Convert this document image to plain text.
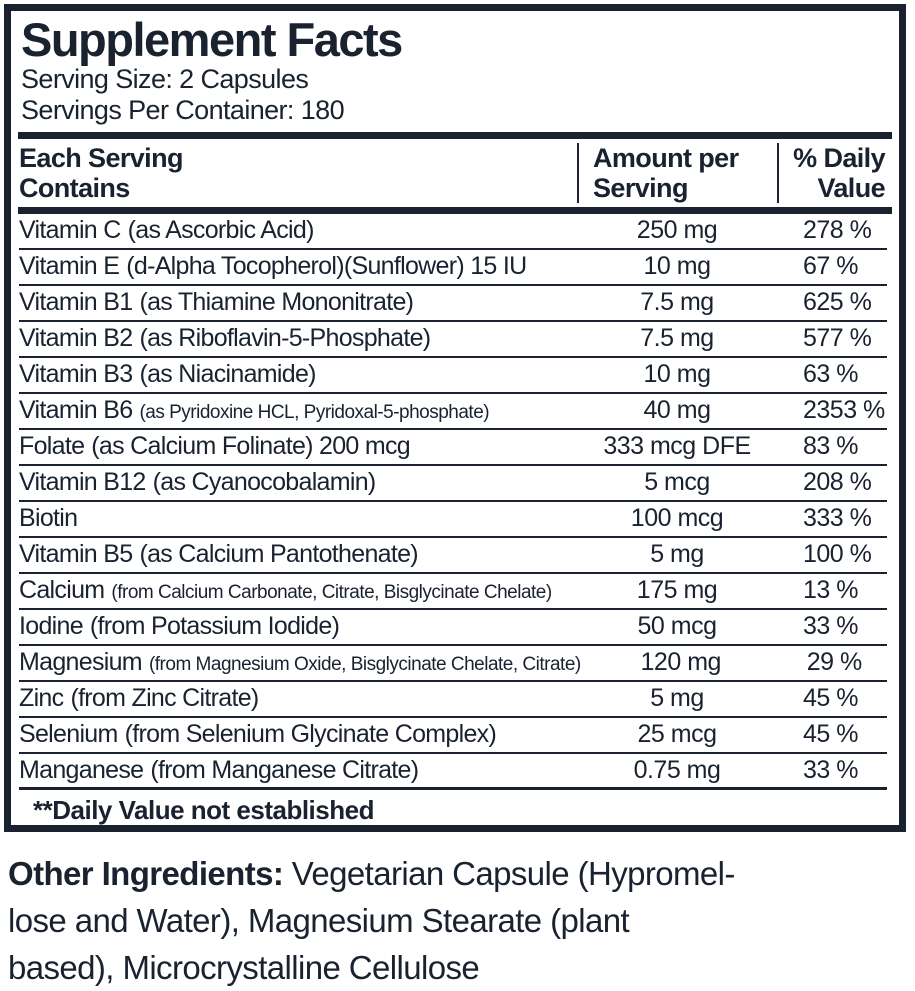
Supplement Facts
Serving Size: 2 Capsules
Servings Per Container: 180
Each Serving
Contains
Amount per
Serving
% Daily
Value
Vitamin C (as Ascorbic Acid)	250 mg	278 %
Vitamin E (d-Alpha Tocopherol)(Sunflower) 15 IU	10 mg	67 %
Vitamin B1 (as Thiamine Mononitrate)	7.5 mg	625 %
Vitamin B2 (as Riboflavin-5-Phosphate)	7.5 mg	577 %
Vitamin B3 (as Niacinamide)	10 mg	63 %
Vitamin B6 (as Pyridoxine HCL, Pyridoxal-5-phosphate)	40 mg	2353 %
Folate (as Calcium Folinate) 200 mcg	333 mcg DFE	83 %
Vitamin B12 (as Cyanocobalamin)	5 mcg	208 %
Biotin	100 mcg	333 %
Vitamin B5 (as Calcium Pantothenate)	5 mg	100 %
Calcium (from Calcium Carbonate, Citrate, Bisglycinate Chelate)	175 mg	13 %
Iodine (from Potassium Iodide)	50 mcg	33 %
Magnesium (from Magnesium Oxide, Bisglycinate Chelate, Citrate)	120 mg	29 %
Zinc (from Zinc Citrate)	5 mg	45 %
Selenium (from Selenium Glycinate Complex)	25 mcg	45 %
Manganese (from Manganese Citrate)	0.75 mg	33 %
**Daily Value not established
Other Ingredients: Vegetarian Capsule (Hypromel-
lose and Water), Magnesium Stearate (plant
based), Microcrystalline Cellulose
